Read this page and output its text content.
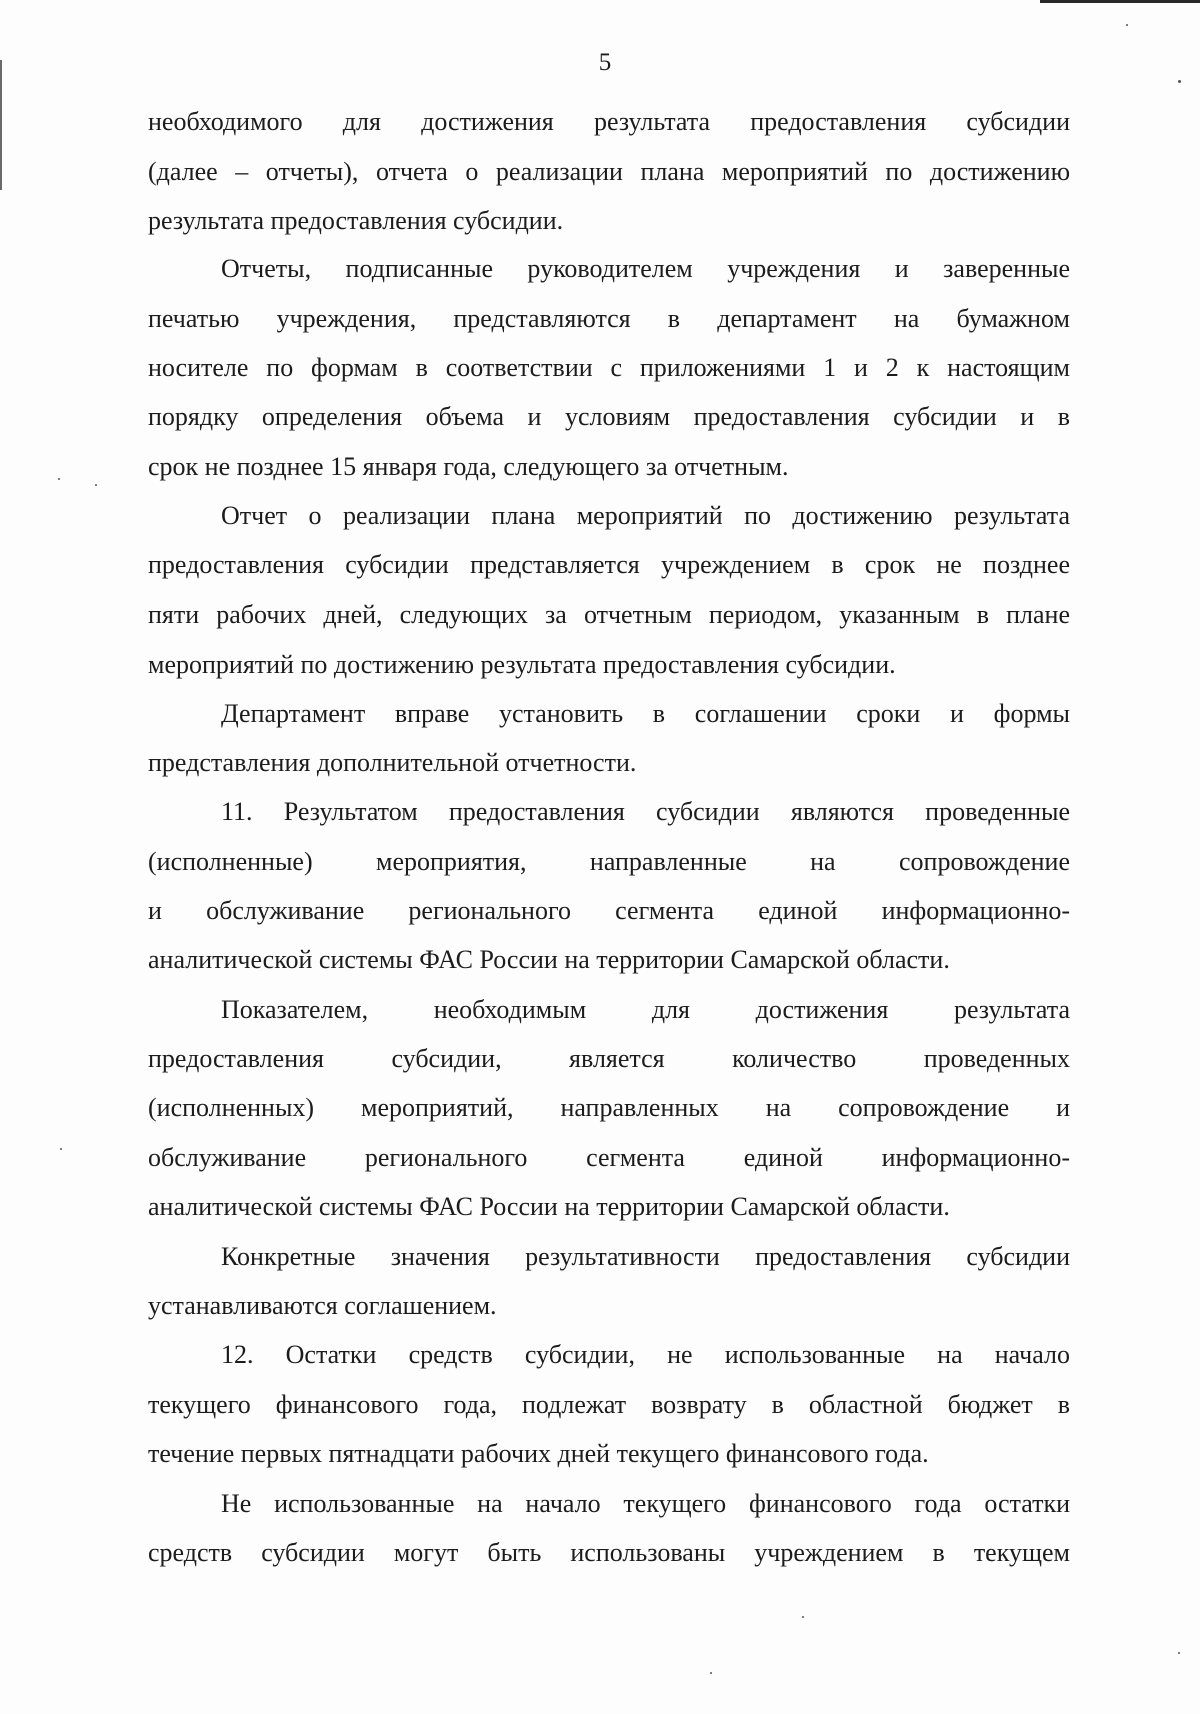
5
необходимого для достижения результата предоставления субсидии
(далее – отчеты), отчета о реализации плана мероприятий по достижению
результата предоставления субсидии.
Отчеты, подписанные руководителем учреждения и заверенные
печатью учреждения, представляются в департамент на бумажном
носителе по формам в соответствии с приложениями 1 и 2 к настоящим
порядку определения объема и условиям предоставления субсидии и в
срок не позднее 15 января года, следующего за отчетным.
Отчет о реализации плана мероприятий по достижению результата
предоставления субсидии представляется учреждением в срок не позднее
пяти рабочих дней, следующих за отчетным периодом, указанным в плане
мероприятий по достижению результата предоставления субсидии.
Департамент вправе установить в соглашении сроки и формы
представления дополнительной отчетности.
11. Результатом предоставления субсидии являются проведенные
(исполненные) мероприятия, направленные на сопровождение
и обслуживание регионального сегмента единой информационно-
аналитической системы ФАС России на территории Самарской области.
Показателем, необходимым для достижения результата
предоставления субсидии, является количество проведенных
(исполненных) мероприятий, направленных на сопровождение и
обслуживание регионального сегмента единой информационно-
аналитической системы ФАС России на территории Самарской области.
Конкретные значения результативности предоставления субсидии
устанавливаются соглашением.
12. Остатки средств субсидии, не использованные на начало
текущего финансового года, подлежат возврату в областной бюджет в
течение первых пятнадцати рабочих дней текущего финансового года.
Не использованные на начало текущего финансового года остатки
средств субсидии могут быть использованы учреждением в текущем
